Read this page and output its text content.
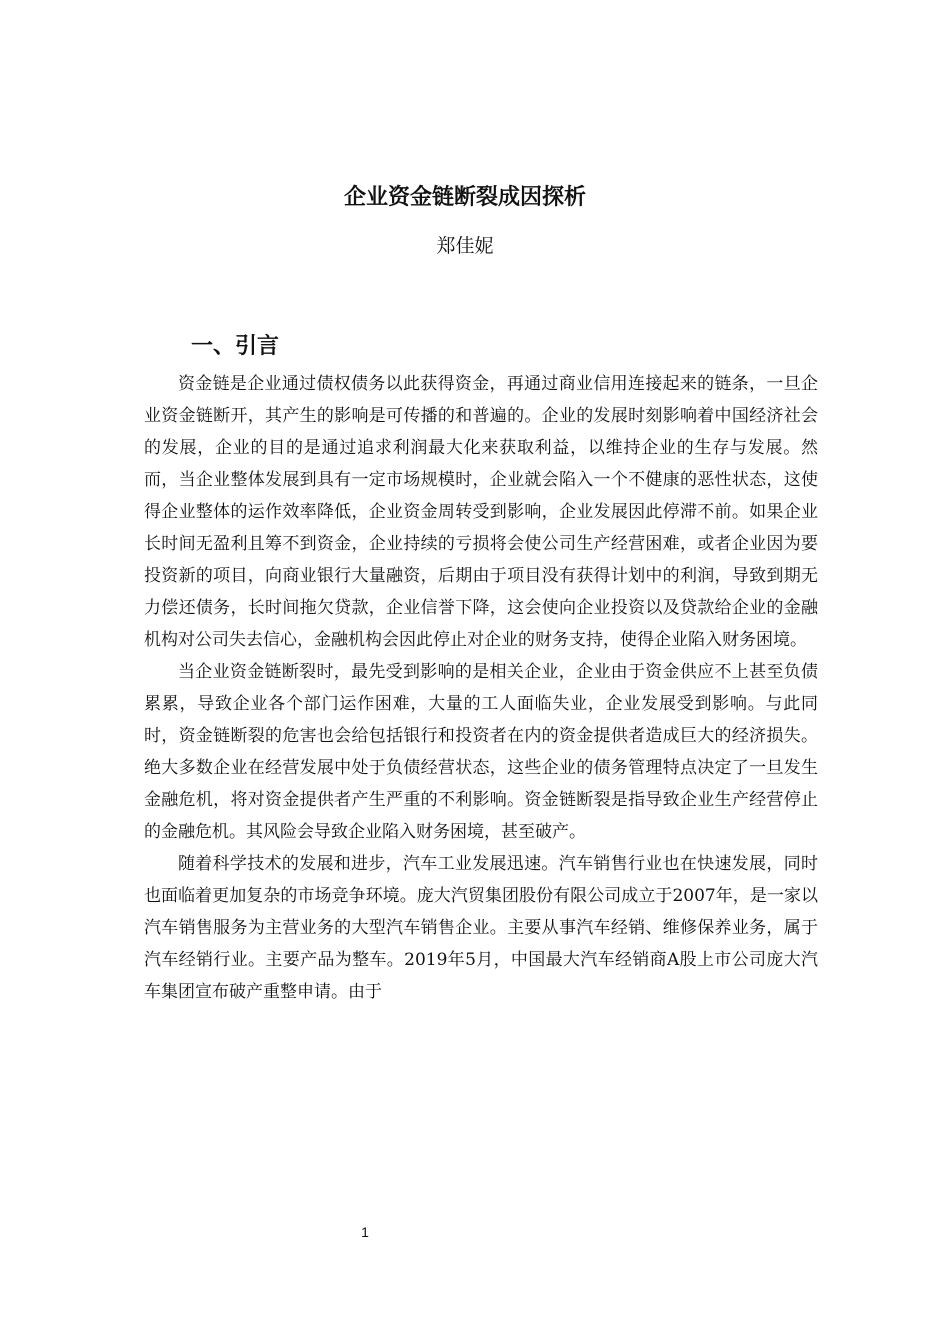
企业资金链断裂成因探析
郑佳妮
一、引言

资金链是企业通过债权债务以此获得资金，再通过商业信用连接起来的链条，一旦企业资金链断开，其产生的影响是可传播的和普遍的。企业的发展时刻影响着中国经济社会的发展，企业的目的是通过追求利润最大化来获取利益，以维持企业的生存与发展。然而，当企业整体发展到具有一定市场规模时，企业就会陷入一个不健康的恶性状态，这使得企业整体的运作效率降低，企业资金周转受到影响，企业发展因此停滞不前。如果企业长时间无盈利且筹不到资金，企业持续的亏损将会使公司生产经营困难，或者企业因为要投资新的项目，向商业银行大量融资，后期由于项目没有获得计划中的利润，导致到期无力偿还债务，长时间拖欠贷款，企业信誉下降，这会使向企业投资以及贷款给企业的金融机构对公司失去信心，金融机构会因此停止对企业的财务支持，使得企业陷入财务困境。

当企业资金链断裂时，最先受到影响的是相关企业，企业由于资金供应不上甚至负债累累，导致企业各个部门运作困难，大量的工人面临失业，企业发展受到影响。与此同时，资金链断裂的危害也会给包括银行和投资者在内的资金提供者造成巨大的经济损失。绝大多数企业在经营发展中处于负债经营状态，这些企业的债务管理特点决定了一旦发生金融危机，将对资金提供者产生严重的不利影响。资金链断裂是指导致企业生产经营停止的金融危机。其风险会导致企业陷入财务困境，甚至破产。

随着科学技术的发展和进步，汽车工业发展迅速。汽车销售行业也在快速发展，同时也面临着更加复杂的市场竞争环境。庞大汽贸集团股份有限公司成立于2007年，是一家以汽车销售服务为主营业务的大型汽车销售企业。主要从事汽车经销、维修保养业务，属于汽车经销行业。主要产品为整车。2019年5月，中国最大汽车经销商A股上市公司庞大汽车集团宣布破产重整申请。由于

1
